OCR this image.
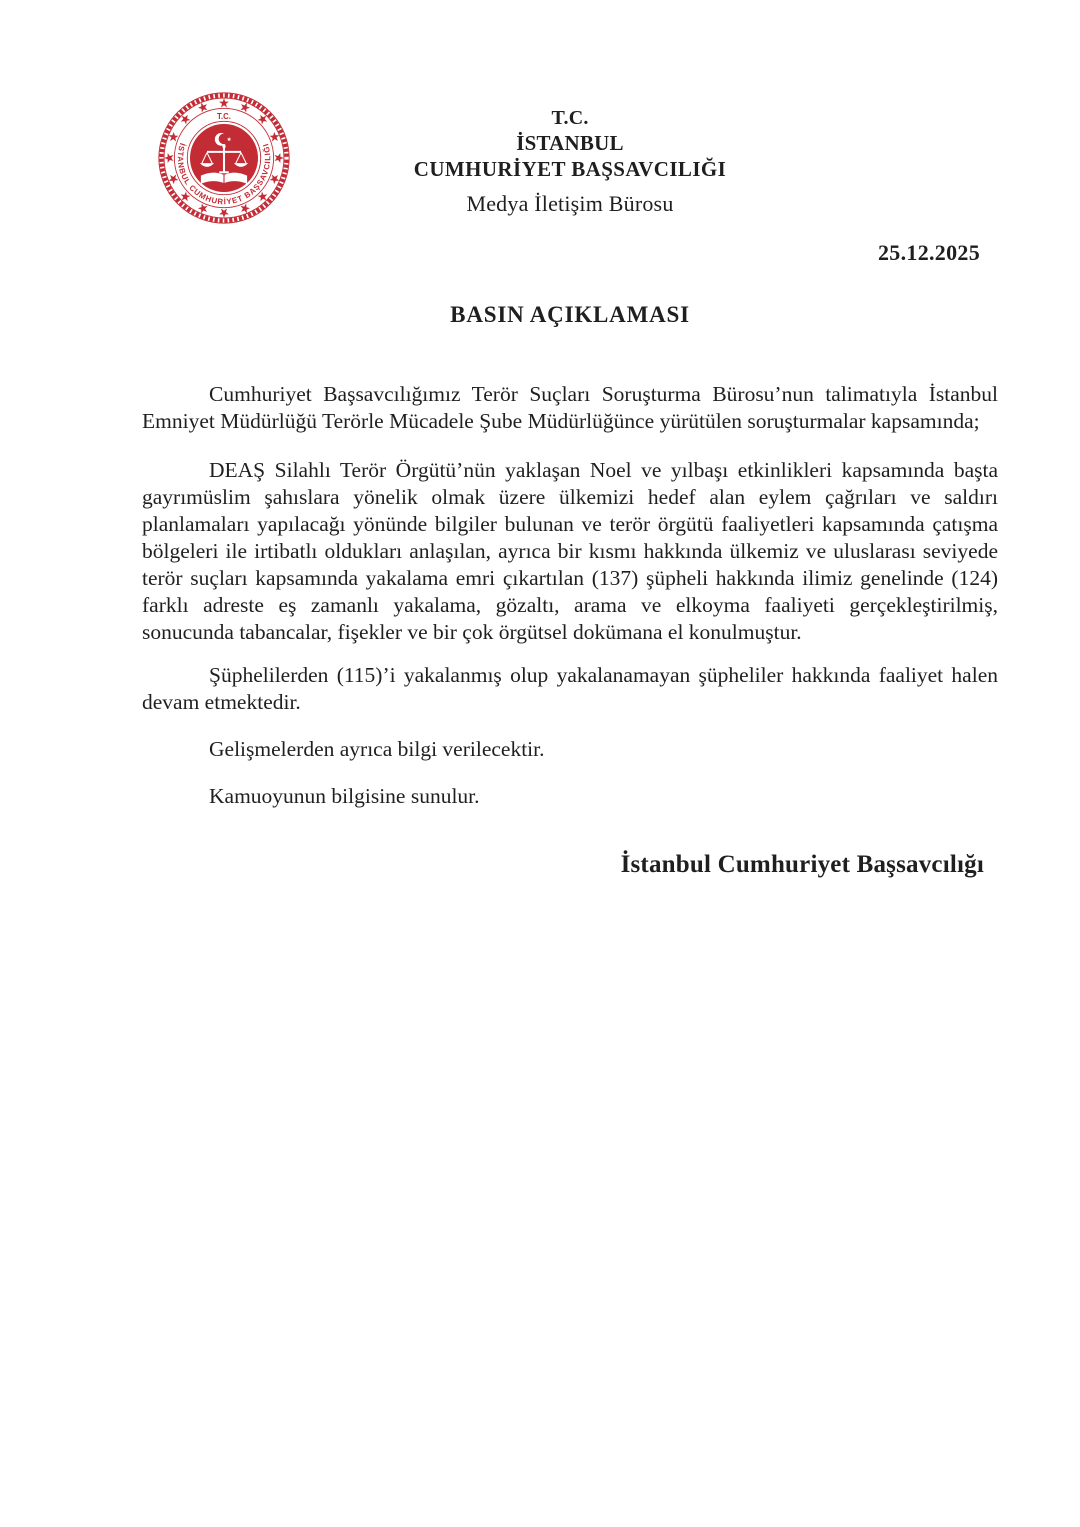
İSTANBUL CUMHURİYET BAŞSAVCILIĞI
T.C.	T.C.
İSTANBUL
CUMHURİYET BAŞSAVCILIĞI
Medya İletişim Bürosu
25.12.2025
BASIN AÇIKLAMASI

Cumhuriyet Başsavcılığımız Terör Suçları Soruşturma Bürosu’nun talimatıyla İstanbul Emniyet Müdürlüğü Terörle Mücadele Şube Müdürlüğünce yürütülen soruşturmalar kapsamında;

DEAŞ Silahlı Terör Örgütü’nün yaklaşan Noel ve yılbaşı etkinlikleri kapsamında başta gayrımüslim şahıslara yönelik olmak üzere ülkemizi hedef alan eylem çağrıları ve saldırı planlamaları yapılacağı yönünde bilgiler bulunan ve terör örgütü faaliyetleri kapsamında çatışma bölgeleri ile irtibatlı oldukları anlaşılan, ayrıca bir kısmı hakkında ülkemiz ve uluslarası seviyede terör suçları kapsamında yakalama emri çıkartılan (137) şüpheli hakkında ilimiz genelinde (124) farklı adreste eş zamanlı yakalama, gözaltı, arama ve elkoyma faaliyeti gerçekleştirilmiş, sonucunda tabancalar, fişekler ve bir çok örgütsel dokümana el konulmuştur.

Şüphelilerden (115)’i yakalanmış olup yakalanamayan şüpheliler hakkında faaliyet halen devam etmektedir.

Gelişmelerden ayrıca bilgi verilecektir.

Kamuoyunun bilgisine sunulur.

İstanbul Cumhuriyet Başsavcılığı
